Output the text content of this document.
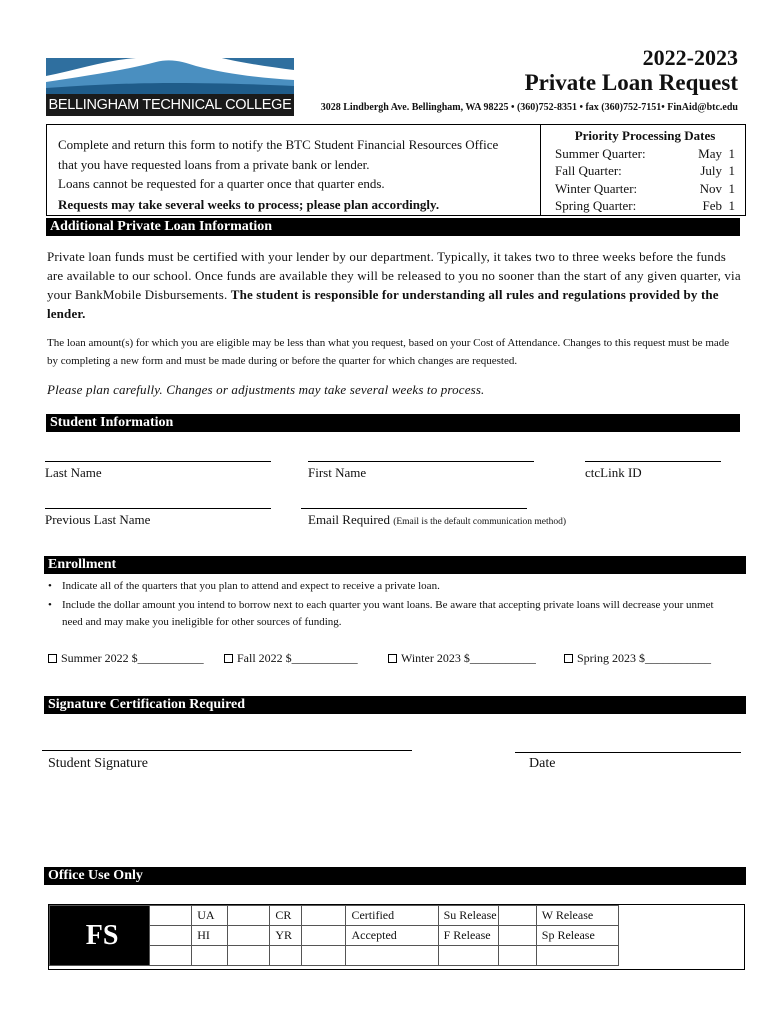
BELLINGHAM TECHNICAL COLLEGE
2022-2023
Private Loan Request
3028 Lindbergh Ave. Bellingham, WA 98225 • (360)752-8351 • fax (360)752-7151• FinAid@btc.edu
Complete and return this form to notify the BTC Student Financial Resources Office
that you have requested loans from a private bank or lender.
Loans cannot be requested for a quarter once that quarter ends.
Requests may take several weeks to process; please plan accordingly.
Priority Processing Dates
Summer Quarter:	May  1
Fall Quarter:	July  1
Winter Quarter:	Nov  1
Spring Quarter:	Feb  1
Additional Private Loan Information
Private loan funds must be certified with your lender by our department. Typically, it takes two to three weeks before the funds are available to our school. Once funds are available they will be released to you no sooner than the start of any given quarter, via your BankMobile Disbursements. The student is responsible for understanding all rules and regulations provided by the lender.
The loan amount(s) for which you are eligible may be less than what you request, based on your Cost of Attendance. Changes to this request must be made by completing a new form and must be made during or before the quarter for which changes are requested.
Please plan carefully. Changes or adjustments may take several weeks to process.
Student Information
Last Name	First Name	ctcLink ID
Previous Last Name	Email Required (Email is the default communication method)
Enrollment
• Indicate all of the quarters that you plan to attend and expect to receive a private loan.
• Include the dollar amount you intend to borrow next to each quarter you want loans. Be aware that accepting private loans will decrease your unmet need and may make you ineligible for other sources of funding.
Summer 2022 $___________	Fall 2022 $___________	Winter 2023 $___________	Spring 2023 $___________
Signature Certification Required
Student Signature	Date
Office Use Only
FS		UA		CR		Certified	Su Release		W Release
		HI		YR		Accepted	F Release		Sp Release
